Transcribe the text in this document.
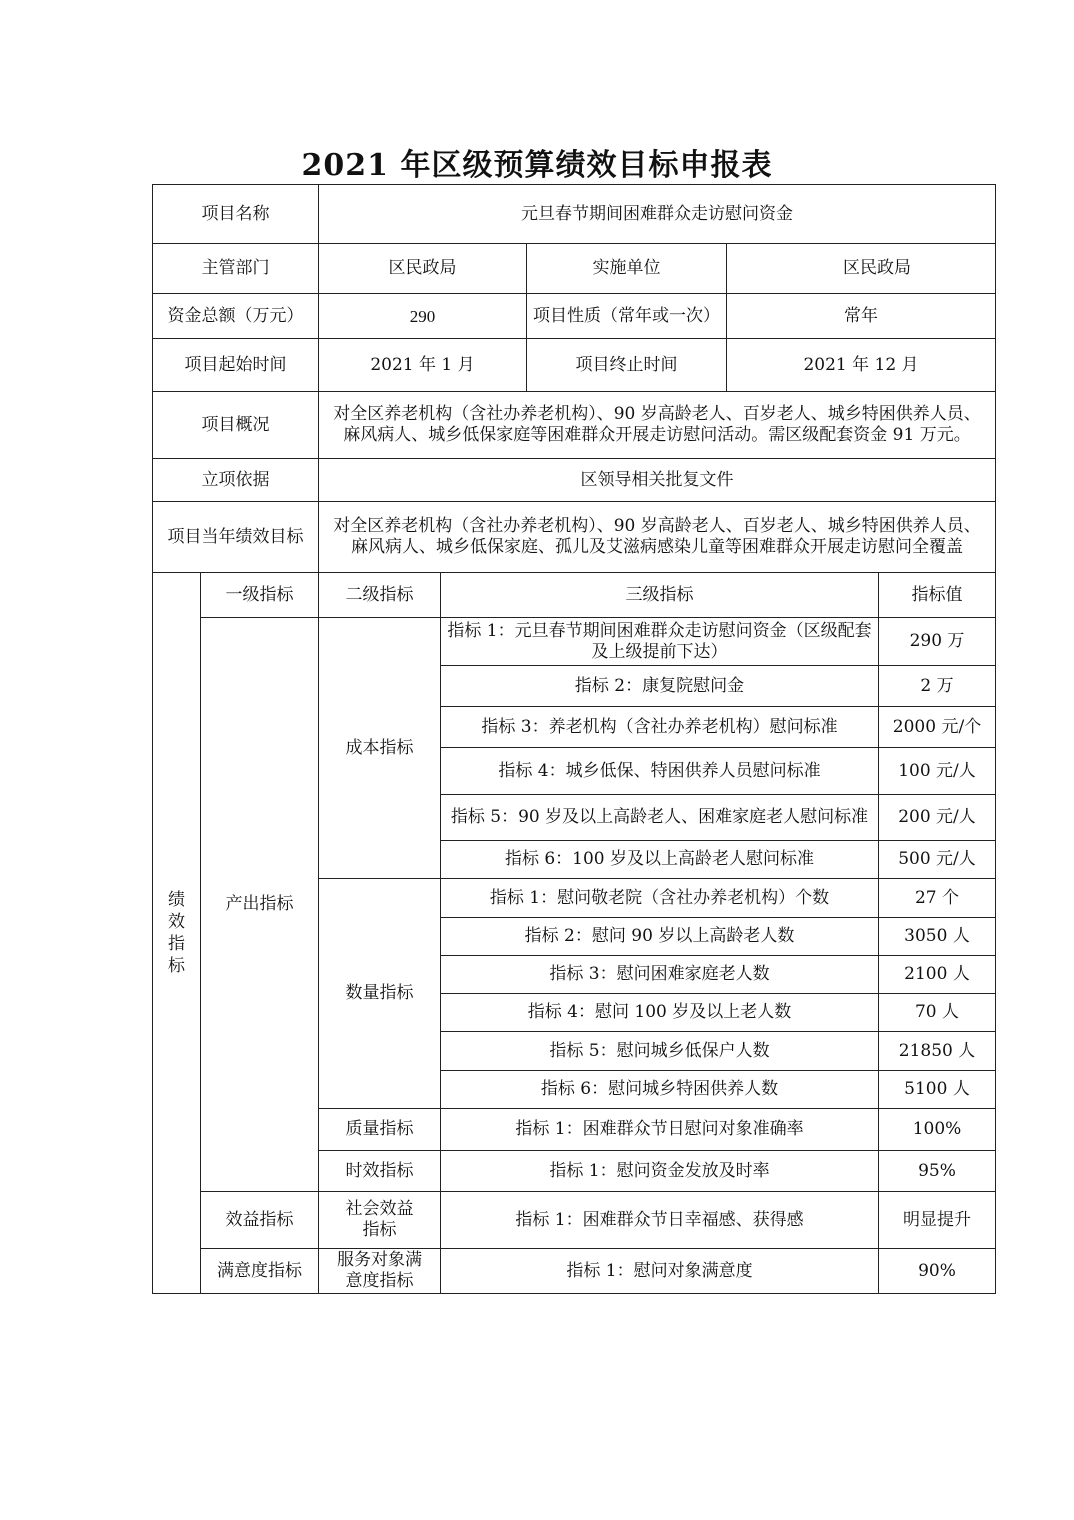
2021 年区级预算绩效目标申报表
项目名称		元旦春节期间困难群众走访慰问资金				
主管部门		区民政局		实施单位	区民政局	
资金总额（万元）		290		项目性质（常年或一次）	常年	
项目起始时间		2021 年 1 月		项目终止时间	2021 年 12 月	
项目概况		对全区养老机构（含社办养老机构）、90 岁高龄老人、百岁老人、城乡特困供养人员、麻风病人、城乡低保家庭等困难群众开展走访慰问活动。需区级配套资金 91 万元。				
立项依据		区领导相关批复文件				
项目当年绩效目标		对全区养老机构（含社办养老机构）、90 岁高龄老人、百岁老人、城乡特困供养人员、麻风病人、城乡低保家庭、孤儿及艾滋病感染儿童等困难群众开展走访慰问全覆盖				
绩效指标	一级指标	二级指标	三级指标			指标值
	产出指标	成本指标	指标 1：元旦春节期间困难群众走访慰问资金（区级配套及上级提前下达）			290 万
			指标 2：康复院慰问金			2 万
			指标 3：养老机构（含社办养老机构）慰问标准			2000 元/个
			指标 4：城乡低保、特困供养人员慰问标准			100 元/人
			指标 5：90 岁及以上高龄老人、困难家庭老人慰问标准			200 元/人
			指标 6：100 岁及以上高龄老人慰问标准			500 元/人
		数量指标	指标 1：慰问敬老院（含社办养老机构）个数			27 个
			指标 2：慰问 90 岁以上高龄老人数			3050 人
			指标 3：慰问困难家庭老人数			2100 人
			指标 4：慰问 100 岁及以上老人数			70 人
			指标 5：慰问城乡低保户人数			21850 人
			指标 6：慰问城乡特困供养人数			5100 人
		质量指标	指标 1：困难群众节日慰问对象准确率			100%
		时效指标	指标 1：慰问资金发放及时率			95%
	效益指标	社会效益指标	指标 1：困难群众节日幸福感、获得感			明显提升
	满意度指标	服务对象满意度指标	指标 1：慰问对象满意度			90%
